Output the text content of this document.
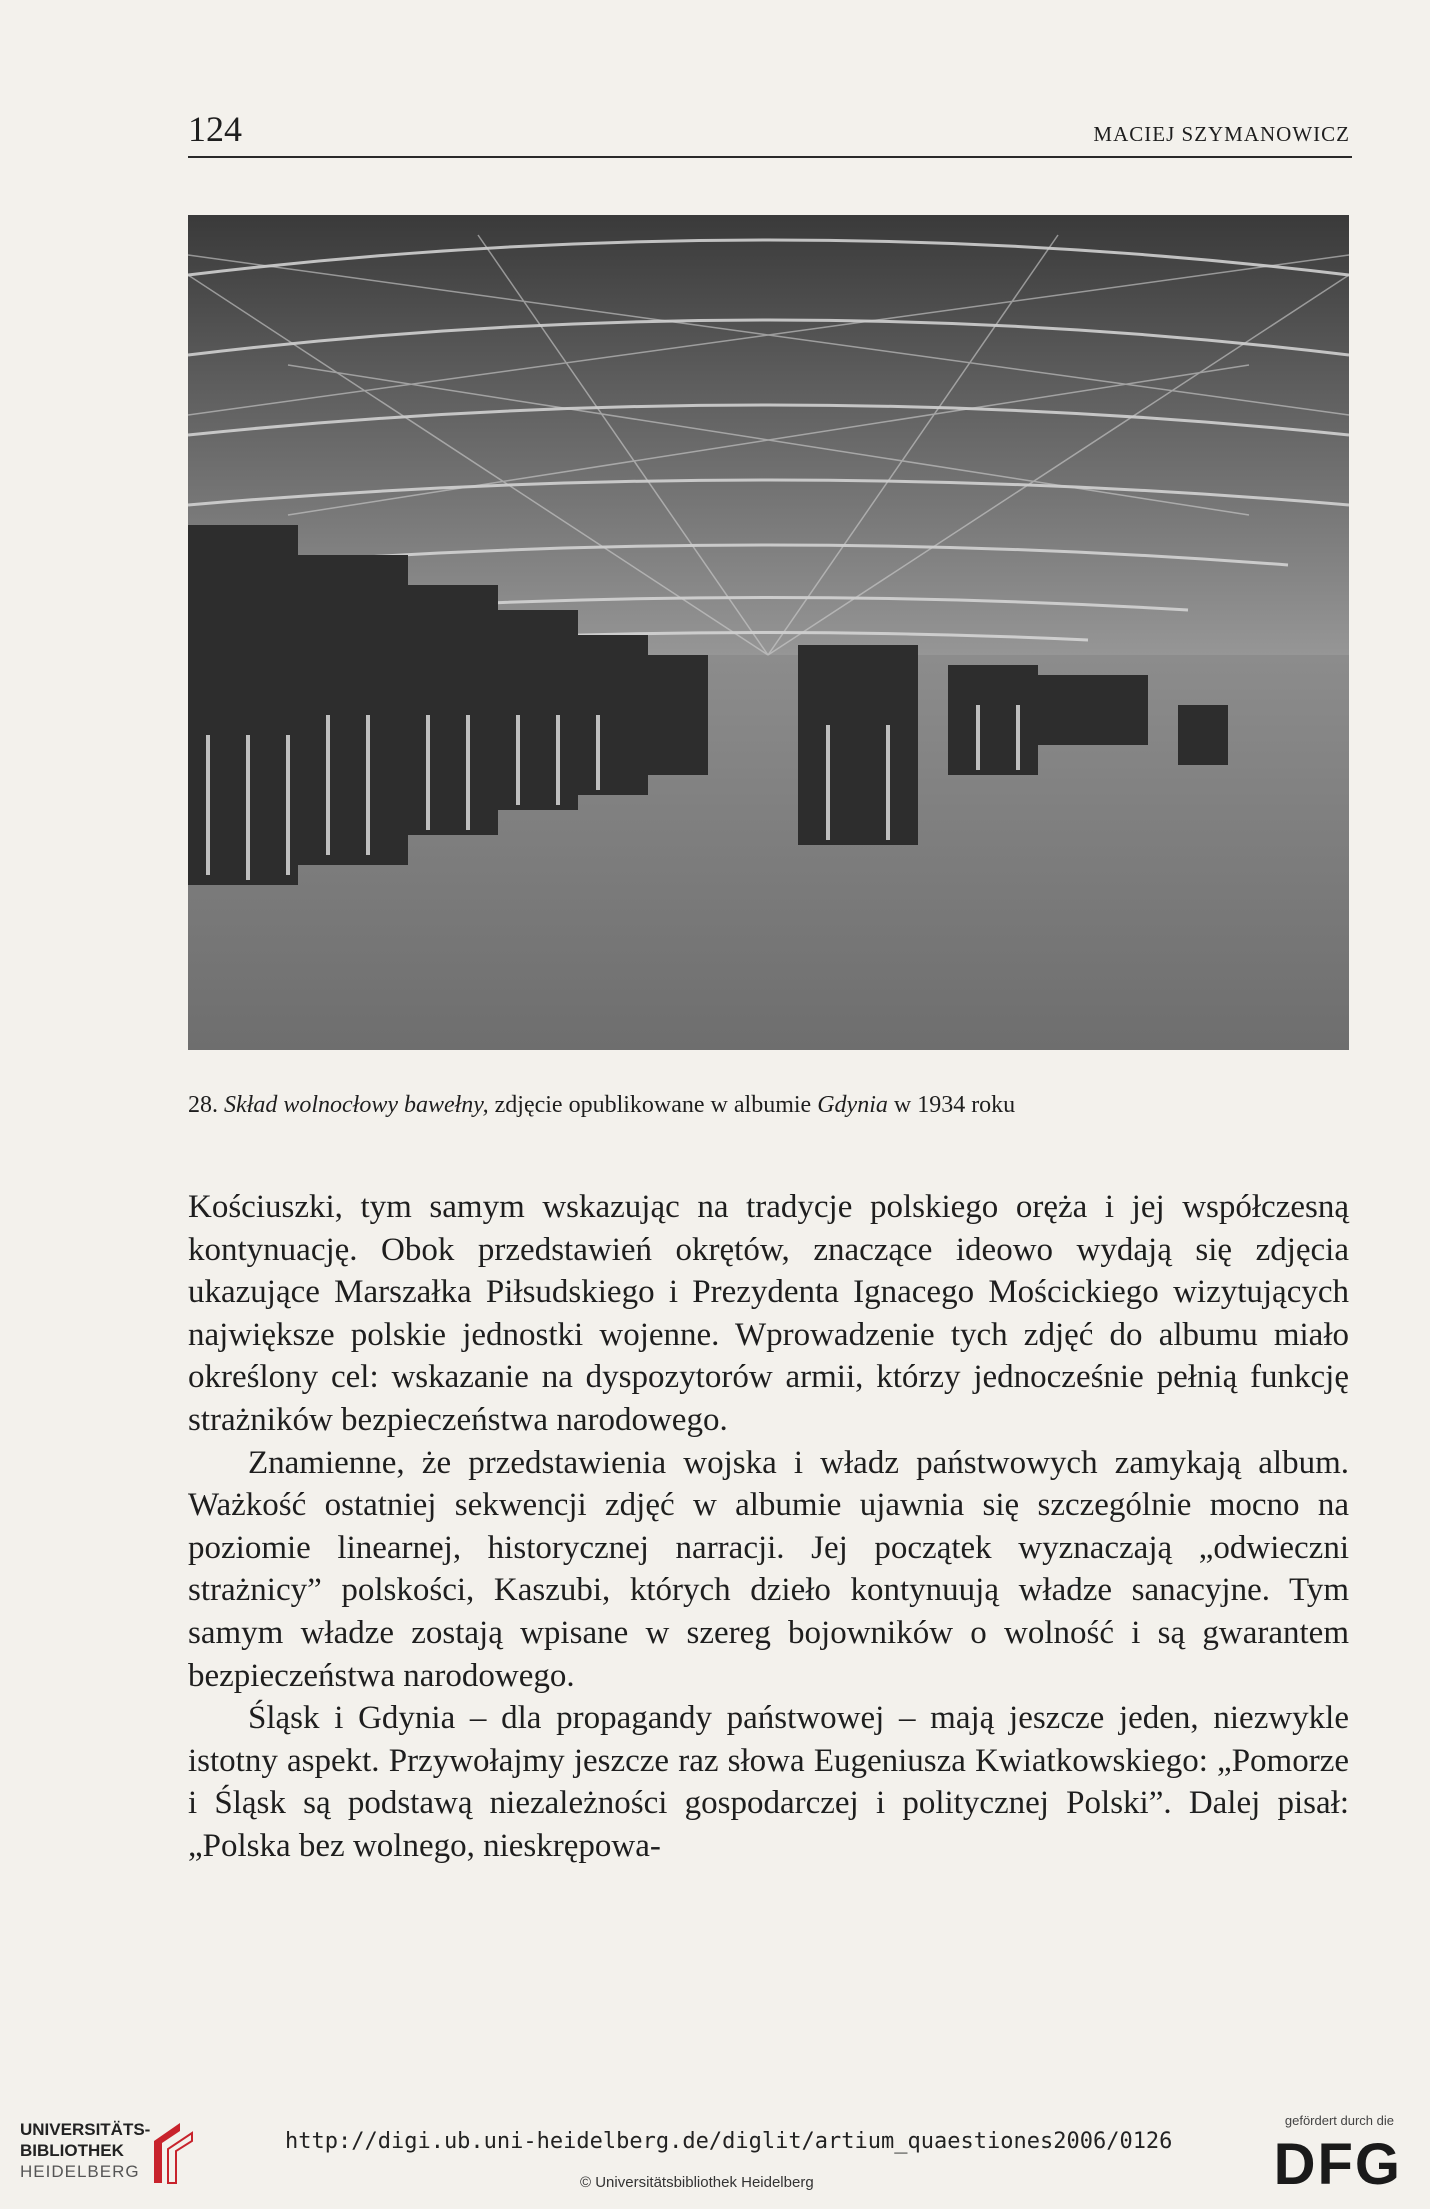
124	MACIEJ SZYMANOWICZ
28. Skład wolnocłowy bawełny, zdjęcie opublikowane w albumie Gdynia w 1934 roku

Kościuszki, tym samym wskazując na tradycje polskiego oręża i jej współczesną kontynuację. Obok przedstawień okrętów, znaczące ideowo wydają się zdjęcia ukazujące Marszałka Piłsudskiego i Prezydenta Ignacego Mościckiego wizytujących największe polskie jednostki wojenne. Wprowadzenie tych zdjęć do albumu miało określony cel: wskazanie na dyspozytorów armii, którzy jednocześnie pełnią funkcję strażników bezpieczeństwa narodowego.

Znamienne, że przedstawienia wojska i władz państwowych zamykają album. Ważkość ostatniej sekwencji zdjęć w albumie ujawnia się szczególnie mocno na poziomie linearnej, historycznej narracji. Jej początek wyznaczają „odwieczni strażnicy” polskości, Kaszubi, których dzieło kontynuują władze sanacyjne. Tym samym władze zostają wpisane w szereg bojowników o wolność i są gwarantem bezpieczeństwa narodowego.

Śląsk i Gdynia – dla propagandy państwowej – mają jeszcze jeden, niezwykle istotny aspekt. Przywołajmy jeszcze raz słowa Eugeniusza Kwiatkowskiego: „Pomorze i Śląsk są podstawą niezależności gospodarczej i politycznej Polski”. Dalej pisał: „Polska bez wolnego, nieskrępowa-

UNIVERSITÄTS-
BIBLIOTHEK
HEIDELBERG
http://digi.ub.uni-heidelberg.de/diglit/artium_quaestiones2006/0126
© Universitätsbibliothek Heidelberg
gefördert durch die
DFG
